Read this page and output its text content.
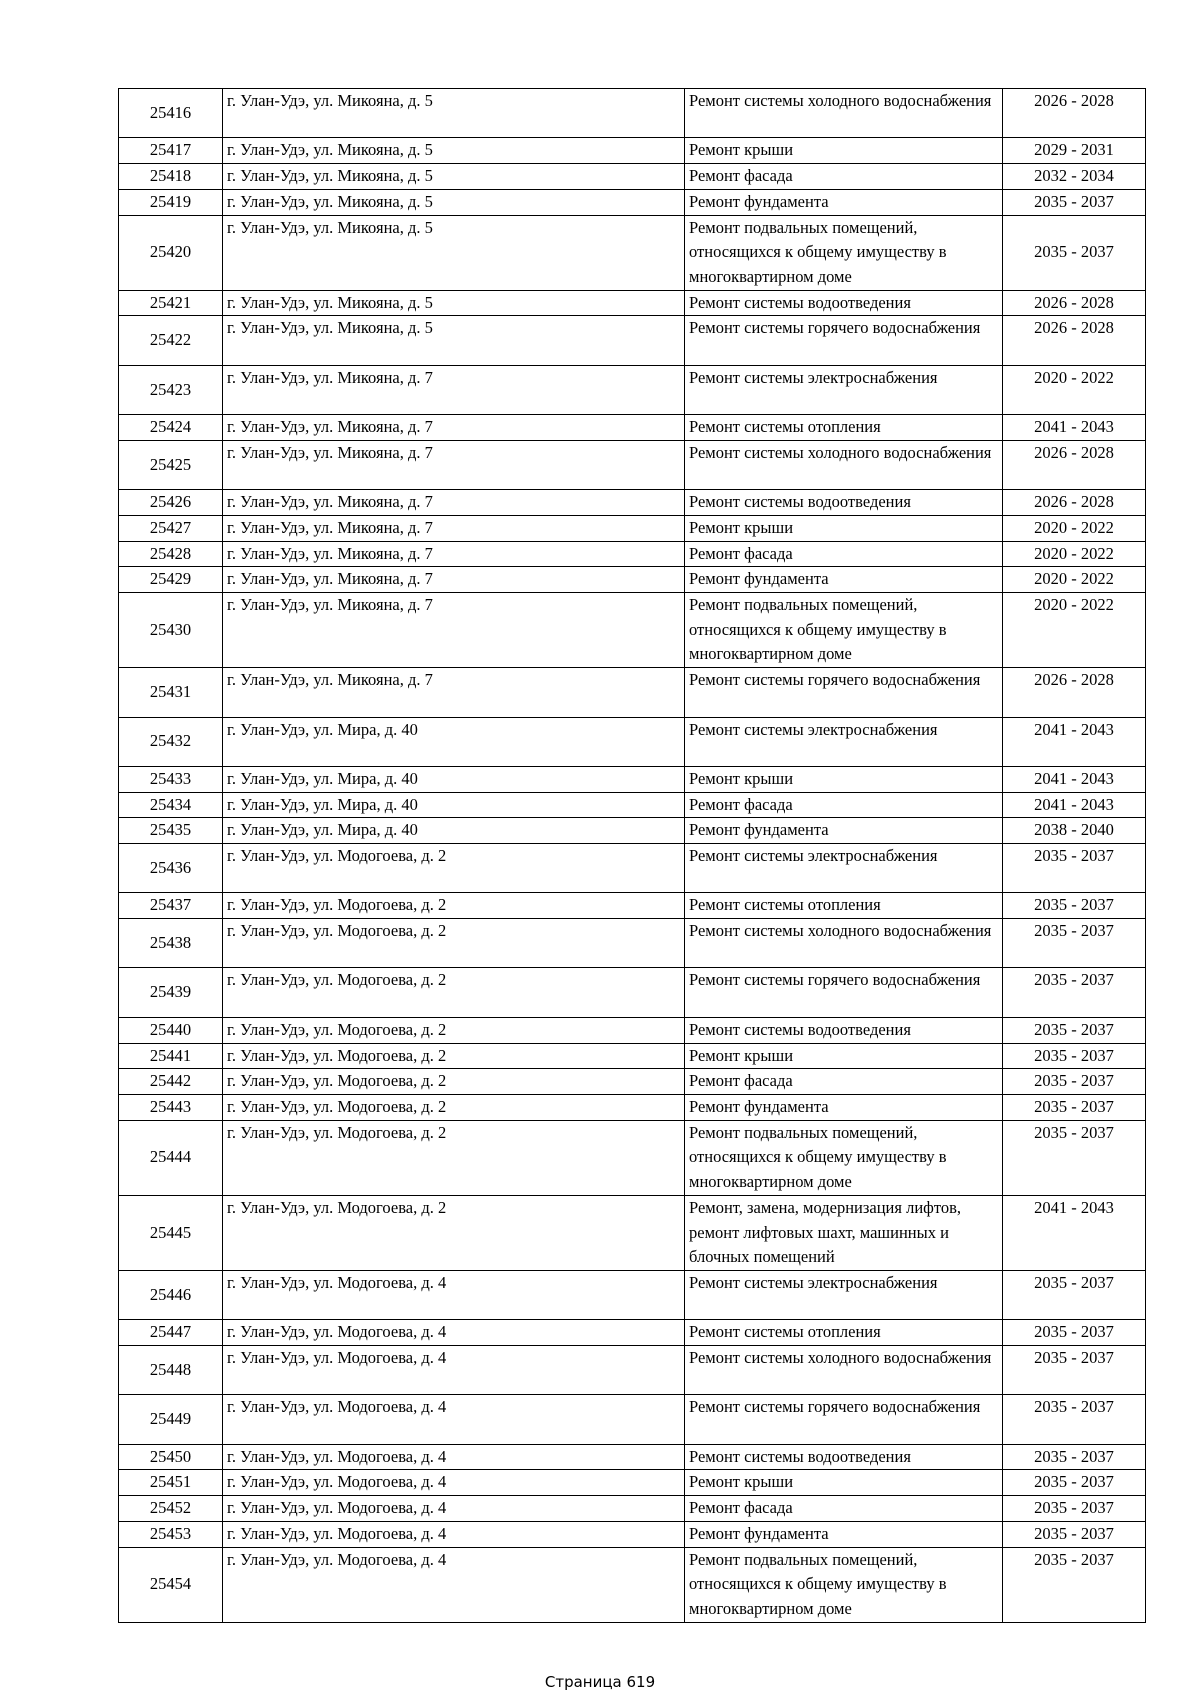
25416	г. Улан-Удэ, ул. Микояна, д. 5	Ремонт системы холодного водоснабжения	2026 - 2028
25417	г. Улан-Удэ, ул. Микояна, д. 5	Ремонт крыши	2029 - 2031
25418	г. Улан-Удэ, ул. Микояна, д. 5	Ремонт фасада	2032 - 2034
25419	г. Улан-Удэ, ул. Микояна, д. 5	Ремонт фундамента	2035 - 2037
25420	г. Улан-Удэ, ул. Микояна, д. 5	Ремонт подвальных помещений, относящихся к общему имуществу в многоквартирном доме	2035 - 2037
25421	г. Улан-Удэ, ул. Микояна, д. 5	Ремонт системы водоотведения	2026 - 2028
25422	г. Улан-Удэ, ул. Микояна, д. 5	Ремонт системы горячего водоснабжения	2026 - 2028
25423	г. Улан-Удэ, ул. Микояна, д. 7	Ремонт системы электроснабжения	2020 - 2022
25424	г. Улан-Удэ, ул. Микояна, д. 7	Ремонт системы отопления	2041 - 2043
25425	г. Улан-Удэ, ул. Микояна, д. 7	Ремонт системы холодного водоснабжения	2026 - 2028
25426	г. Улан-Удэ, ул. Микояна, д. 7	Ремонт системы водоотведения	2026 - 2028
25427	г. Улан-Удэ, ул. Микояна, д. 7	Ремонт крыши	2020 - 2022
25428	г. Улан-Удэ, ул. Микояна, д. 7	Ремонт фасада	2020 - 2022
25429	г. Улан-Удэ, ул. Микояна, д. 7	Ремонт фундамента	2020 - 2022
25430	г. Улан-Удэ, ул. Микояна, д. 7	Ремонт подвальных помещений, относящихся к общему имуществу в многоквартирном доме	2020 - 2022
25431	г. Улан-Удэ, ул. Микояна, д. 7	Ремонт системы горячего водоснабжения	2026 - 2028
25432	г. Улан-Удэ, ул. Мира, д. 40	Ремонт системы электроснабжения	2041 - 2043
25433	г. Улан-Удэ, ул. Мира, д. 40	Ремонт крыши	2041 - 2043
25434	г. Улан-Удэ, ул. Мира, д. 40	Ремонт фасада	2041 - 2043
25435	г. Улан-Удэ, ул. Мира, д. 40	Ремонт фундамента	2038 - 2040
25436	г. Улан-Удэ, ул. Модогоева, д. 2	Ремонт системы электроснабжения	2035 - 2037
25437	г. Улан-Удэ, ул. Модогоева, д. 2	Ремонт системы отопления	2035 - 2037
25438	г. Улан-Удэ, ул. Модогоева, д. 2	Ремонт системы холодного водоснабжения	2035 - 2037
25439	г. Улан-Удэ, ул. Модогоева, д. 2	Ремонт системы горячего водоснабжения	2035 - 2037
25440	г. Улан-Удэ, ул. Модогоева, д. 2	Ремонт системы водоотведения	2035 - 2037
25441	г. Улан-Удэ, ул. Модогоева, д. 2	Ремонт крыши	2035 - 2037
25442	г. Улан-Удэ, ул. Модогоева, д. 2	Ремонт фасада	2035 - 2037
25443	г. Улан-Удэ, ул. Модогоева, д. 2	Ремонт фундамента	2035 - 2037
25444	г. Улан-Удэ, ул. Модогоева, д. 2	Ремонт подвальных помещений, относящихся к общему имуществу в многоквартирном доме	2035 - 2037
25445	г. Улан-Удэ, ул. Модогоева, д. 2	Ремонт, замена, модернизация лифтов, ремонт лифтовых шахт, машинных и блочных помещений	2041 - 2043
25446	г. Улан-Удэ, ул. Модогоева, д. 4	Ремонт системы электроснабжения	2035 - 2037
25447	г. Улан-Удэ, ул. Модогоева, д. 4	Ремонт системы отопления	2035 - 2037
25448	г. Улан-Удэ, ул. Модогоева, д. 4	Ремонт системы холодного водоснабжения	2035 - 2037
25449	г. Улан-Удэ, ул. Модогоева, д. 4	Ремонт системы горячего водоснабжения	2035 - 2037
25450	г. Улан-Удэ, ул. Модогоева, д. 4	Ремонт системы водоотведения	2035 - 2037
25451	г. Улан-Удэ, ул. Модогоева, д. 4	Ремонт крыши	2035 - 2037
25452	г. Улан-Удэ, ул. Модогоева, д. 4	Ремонт фасада	2035 - 2037
25453	г. Улан-Удэ, ул. Модогоева, д. 4	Ремонт фундамента	2035 - 2037
25454	г. Улан-Удэ, ул. Модогоева, д. 4	Ремонт подвальных помещений, относящихся к общему имуществу в многоквартирном доме	2035 - 2037
Страница 619
